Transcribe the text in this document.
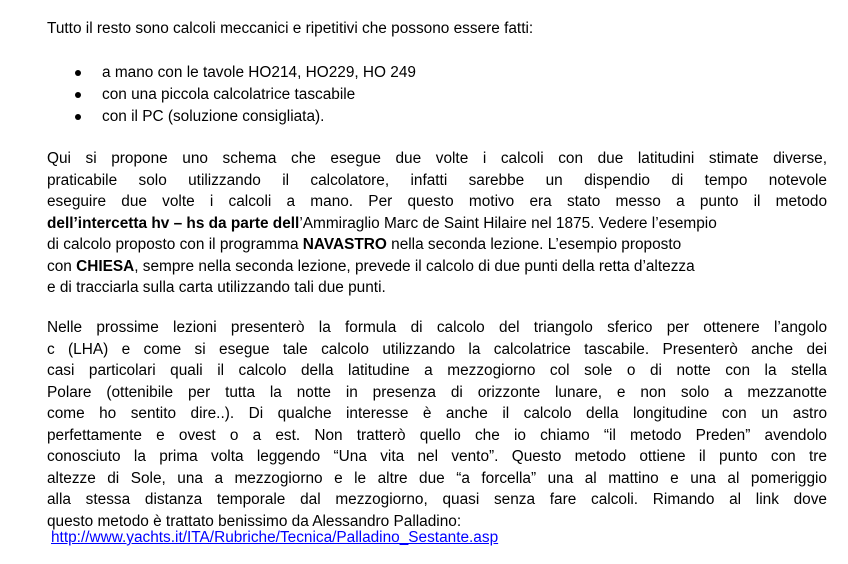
Tutto il resto sono calcoli meccanici e ripetitivi che possono essere fatti:

a mano con le tavole HO214, HO229, HO 249
con una piccola calcolatrice tascabile
con il PC (soluzione consigliata).
Qui si propone uno schema che esegue due volte i calcoli con due latitudini stimate diverse,
praticabile solo utilizzando il calcolatore, infatti sarebbe un dispendio di tempo notevole
eseguire due volte i calcoli a mano. Per questo motivo era stato messo a punto il metodo
dell’intercetta hv – hs da parte dell’Ammiraglio Marc de Saint Hilaire nel 1875. Vedere l’esempio
di calcolo proposto con il programma NAVASTRO nella seconda lezione. L’esempio proposto
con CHIESA, sempre nella seconda lezione, prevede il calcolo di due punti della retta d’altezza
e di tracciarla sulla carta utilizzando tali due punti.
Nelle prossime lezioni presenterò la formula di calcolo del triangolo sferico per ottenere l’angolo
c (LHA) e come si esegue tale calcolo utilizzando la calcolatrice tascabile. Presenterò anche dei
casi particolari quali il calcolo della latitudine a mezzogiorno col sole o di notte con la stella
Polare (ottenibile per tutta la notte in presenza di orizzonte lunare, e non solo a mezzanotte
come ho sentito dire..). Di qualche interesse è anche il calcolo della longitudine con un astro
perfettamente e ovest o a est. Non tratterò quello che io chiamo “il metodo Preden” avendolo
conosciuto la prima volta leggendo “Una vita nel vento”. Questo metodo ottiene il punto con tre
altezze di Sole, una a mezzogiorno e le altre due “a forcella” una al mattino e una al pomeriggio
alla stessa distanza temporale dal mezzogiorno, quasi senza fare calcoli. Rimando al link dove
questo metodo è trattato benissimo da Alessandro Palladino:
http://www.yachts.it/ITA/Rubriche/Tecnica/Palladino_Sestante.asp
